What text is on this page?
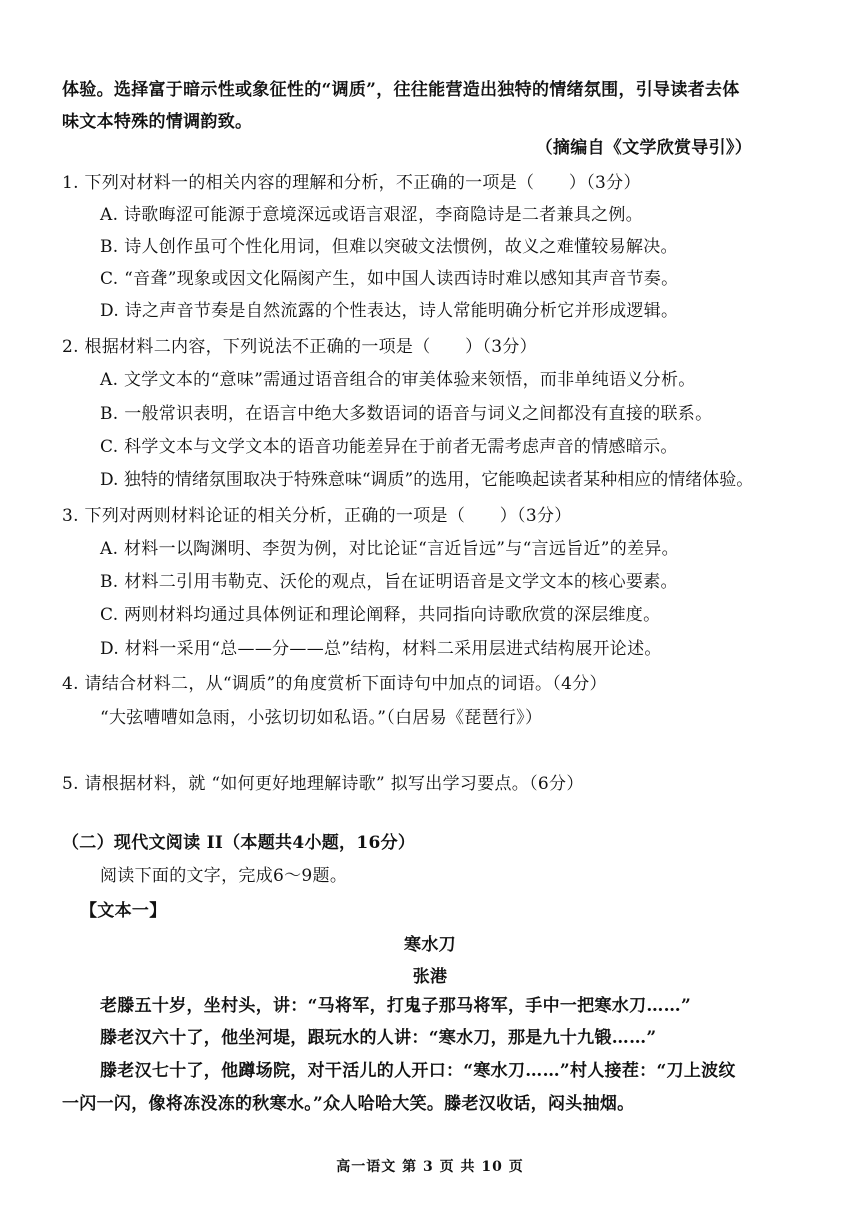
体验。选择富于暗示性或象征性的“调质”，往往能营造出独特的情绪氛围，引导读者去体
味文本特殊的情调韵致。
（摘编自《文学欣赏导引》）
1. 下列对材料一的相关内容的理解和分析，不正确的一项是（　　）（3分）
A. 诗歌晦涩可能源于意境深远或语言艰涩，李商隐诗是二者兼具之例。
B. 诗人创作虽可个性化用词，但难以突破文法惯例，故义之难懂较易解决。
C. “音聋”现象或因文化隔阂产生，如中国人读西诗时难以感知其声音节奏。
D. 诗之声音节奏是自然流露的个性表达，诗人常能明确分析它并形成逻辑。
2. 根据材料二内容，下列说法不正确的一项是（　　）（3分）
A. 文学文本的“意味”需通过语音组合的审美体验来领悟，而非单纯语义分析。
B. 一般常识表明，在语言中绝大多数语词的语音与词义之间都没有直接的联系。
C. 科学文本与文学文本的语音功能差异在于前者无需考虑声音的情感暗示。
D. 独特的情绪氛围取决于特殊意味“调质”的选用，它能唤起读者某种相应的情绪体验。
3. 下列对两则材料论证的相关分析，正确的一项是（　　）（3分）
A. 材料一以陶渊明、李贺为例，对比论证“言近旨远”与“言远旨近”的差异。
B. 材料二引用韦勒克、沃伦的观点，旨在证明语音是文学文本的核心要素。
C. 两则材料均通过具体例证和理论阐释，共同指向诗歌欣赏的深层维度。
D. 材料一采用“总——分——总”结构，材料二采用层进式结构展开论述。
4. 请结合材料二，从“调质”的角度赏析下面诗句中加点的词语。（4分）
“大弦嘈嘈如急雨，小弦切切如私语。”（白居易《琵琶行》）
5. 请根据材料，就 “如何更好地理解诗歌” 拟写出学习要点。（6分）
（二）现代文阅读 II（本题共4小题，16分）
阅读下面的文字，完成6～9题。
【文本一】
寒水刀
张港
老滕五十岁，坐村头，讲：“马将军，打鬼子那马将军，手中一把寒水刀……”
滕老汉六十了，他坐河堤，跟玩水的人讲：“寒水刀，那是九十九锻……”
滕老汉七十了，他蹲场院，对干活儿的人开口：“寒水刀……”村人接茬：“刀上波纹
一闪一闪，像将冻没冻的秋寒水。”众人哈哈大笑。滕老汉收话，闷头抽烟。
高一语文 第 3 页 共 10 页
